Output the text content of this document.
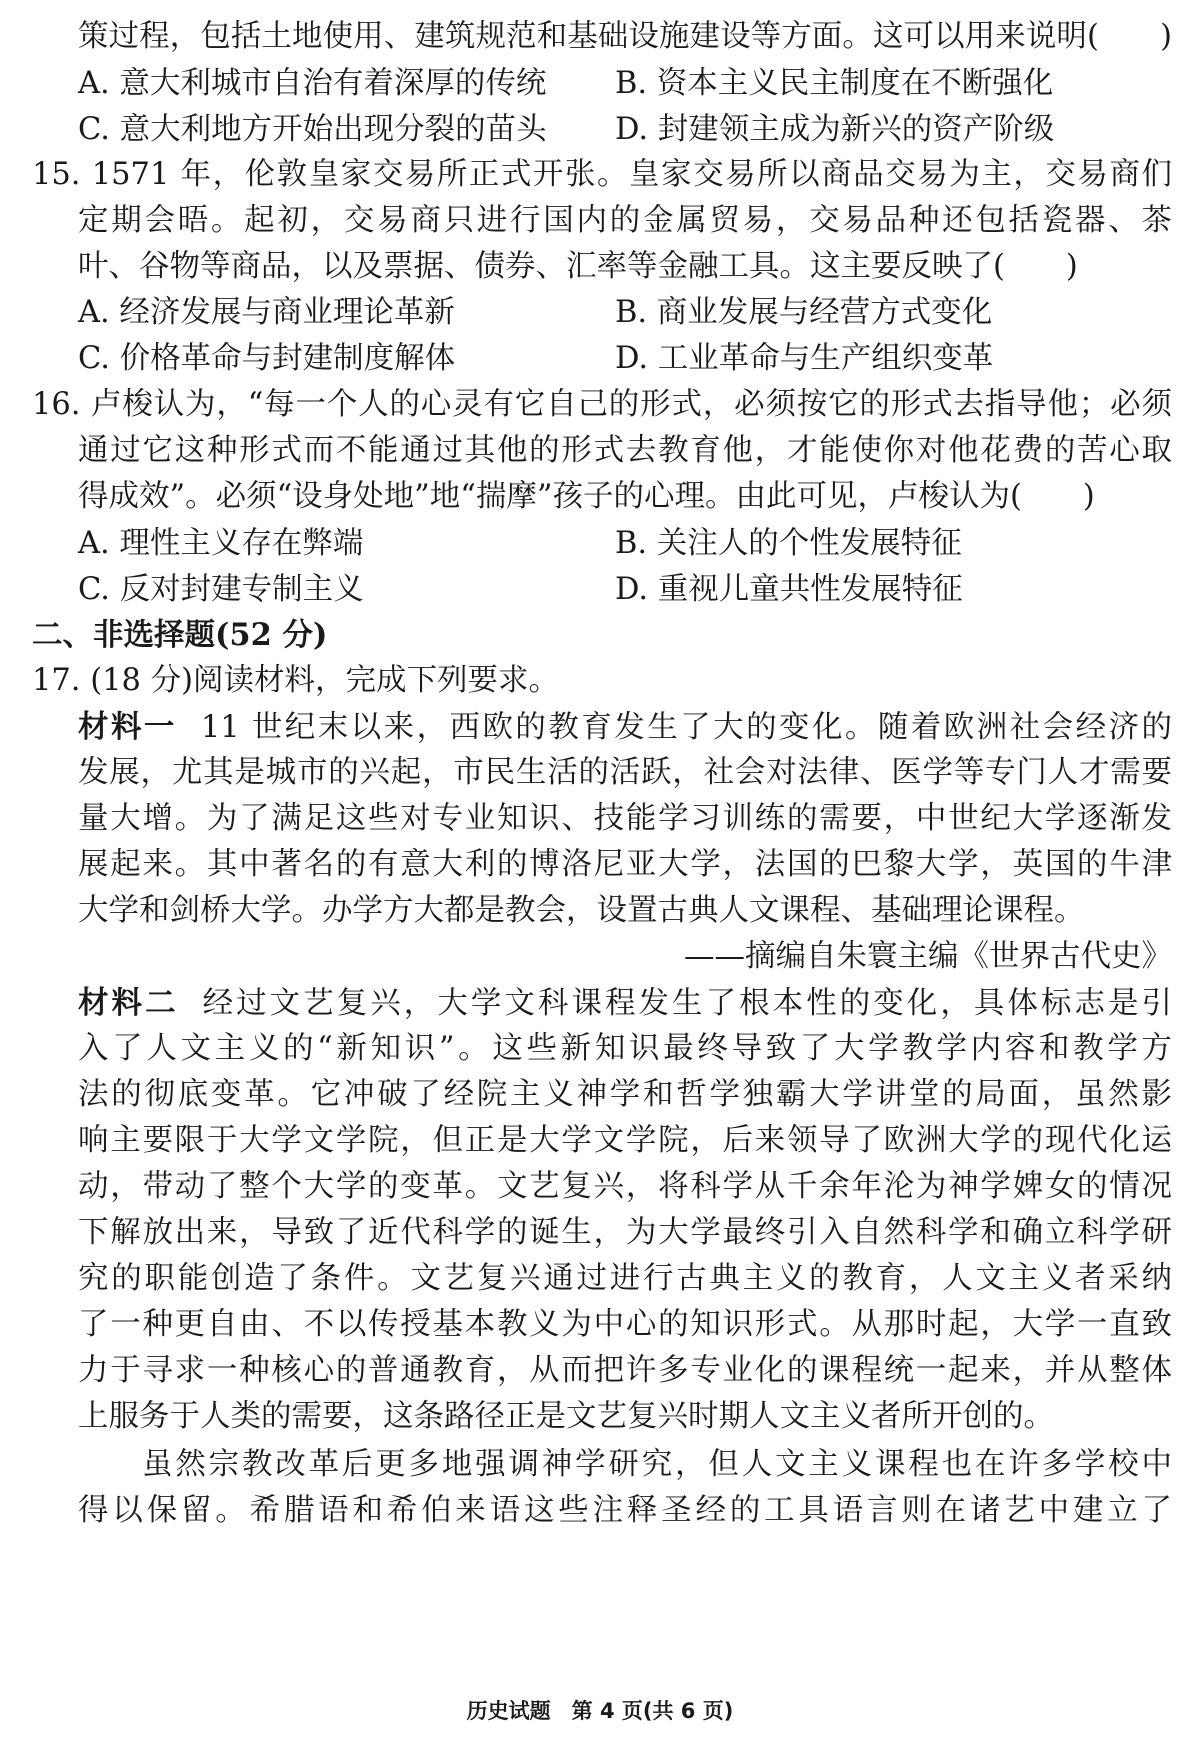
策过程，包括土地使用、建筑规范和基础设施建设等方面。这可以用来说明(　　)
A. 意大利城市自治有着深厚的传统 B. 资本主义民主制度在不断强化
C. 意大利地方开始出现分裂的苗头 D. 封建领主成为新兴的资产阶级
15. 1571 年，伦敦皇家交易所正式开张。皇家交易所以商品交易为主，交易商们
定期会晤。起初，交易商只进行国内的金属贸易，交易品种还包括瓷器、茶
叶、谷物等商品，以及票据、债券、汇率等金融工具。这主要反映了(　　)
A. 经济发展与商业理论革新	B. 商业发展与经营方式变化
C. 价格革命与封建制度解体	D. 工业革命与生产组织变革
16. 卢梭认为，“每一个人的心灵有它自己的形式，必须按它的形式去指导他；必须
通过它这种形式而不能通过其他的形式去教育他，才能使你对他花费的苦心取
得成效”。必须“设身处地”地“揣摩”孩子的心理。由此可见，卢梭认为(　　)
A. 理性主义存在弊端	B. 关注人的个性发展特征
C. 反对封建专制主义	D. 重视儿童共性发展特征
二、非选择题(52 分)
17. (18 分)阅读材料，完成下列要求。
材料一 11 世纪末以来，西欧的教育发生了大的变化。随着欧洲社会经济的
发展，尤其是城市的兴起，市民生活的活跃，社会对法律、医学等专门人才需要
量大增。为了满足这些对专业知识、技能学习训练的需要，中世纪大学逐渐发
展起来。其中著名的有意大利的博洛尼亚大学，法国的巴黎大学，英国的牛津
大学和剑桥大学。办学方大都是教会，设置古典人文课程、基础理论课程。
——摘编自朱寰主编《世界古代史》
材料二 经过文艺复兴，大学文科课程发生了根本性的变化，具体标志是引
入了人文主义的“新知识”。这些新知识最终导致了大学教学内容和教学方
法的彻底变革。它冲破了经院主义神学和哲学独霸大学讲堂的局面，虽然影
响主要限于大学文学院，但正是大学文学院，后来领导了欧洲大学的现代化运
动，带动了整个大学的变革。文艺复兴，将科学从千余年沦为神学婢女的情况
下解放出来，导致了近代科学的诞生，为大学最终引入自然科学和确立科学研
究的职能创造了条件。文艺复兴通过进行古典主义的教育，人文主义者采纳
了一种更自由、不以传授基本教义为中心的知识形式。从那时起，大学一直致
力于寻求一种核心的普通教育，从而把许多专业化的课程统一起来，并从整体
上服务于人类的需要，这条路径正是文艺复兴时期人文主义者所开创的。
虽然宗教改革后更多地强调神学研究，但人文主义课程也在许多学校中
得以保留。希腊语和希伯来语这些注释圣经的工具语言则在诸艺中建立了
历史试题　第 4 页(共 6 页)
